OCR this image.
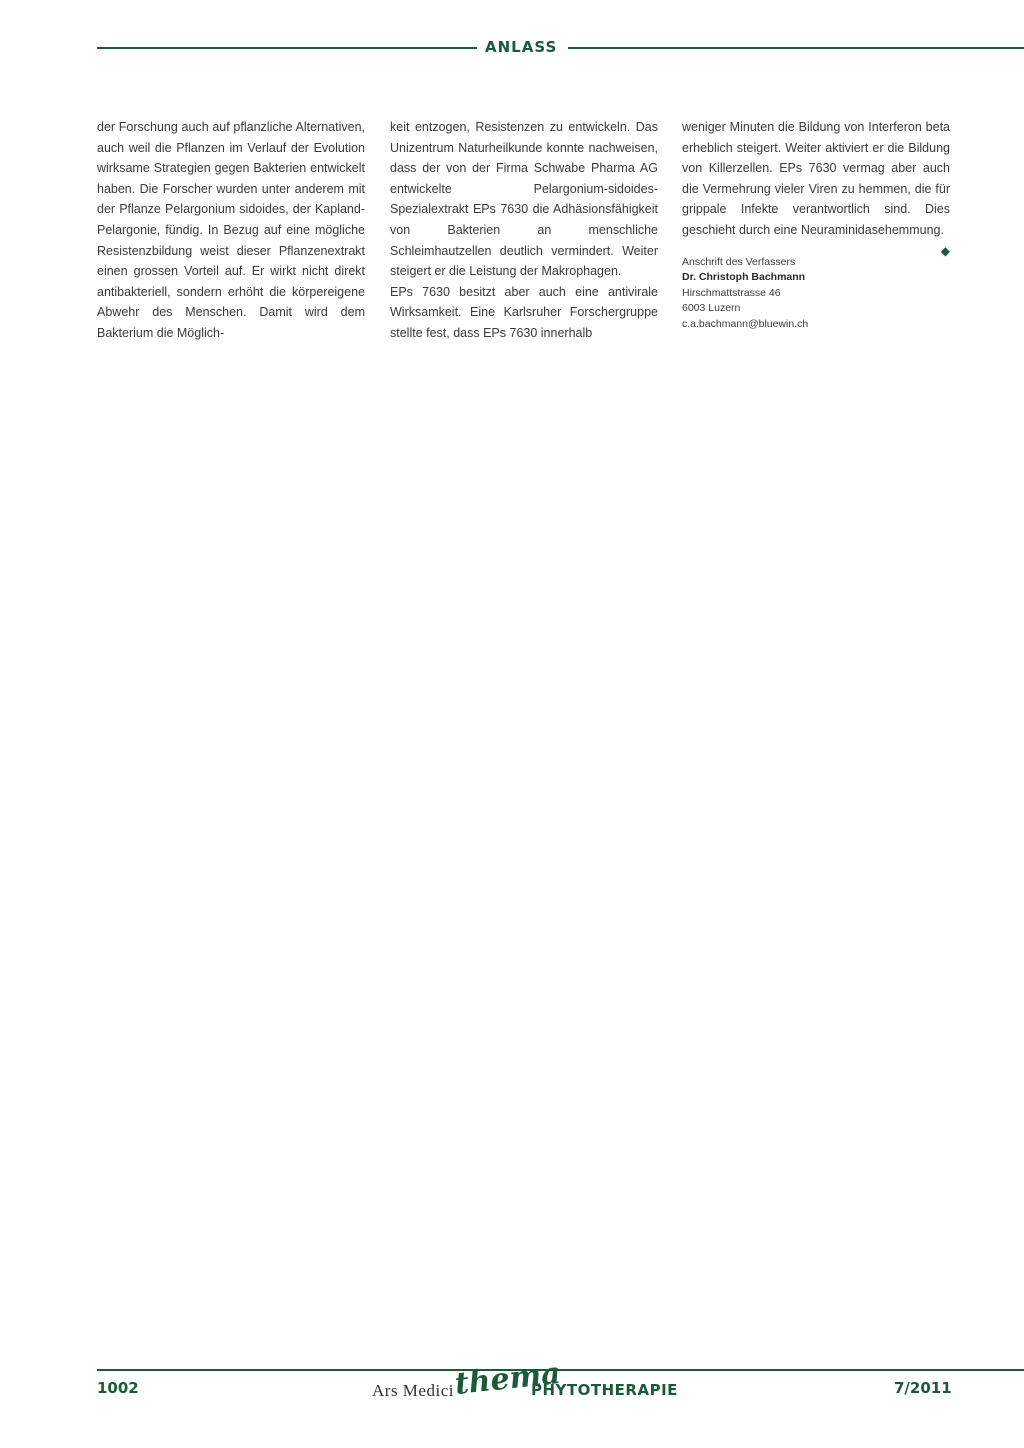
ANLASS

der Forschung auch auf pflanzliche Alternativen, auch weil die Pflanzen im Verlauf der Evolution wirksame Strategien gegen Bakterien entwickelt haben. Die Forscher wurden unter anderem mit der Pflanze Pelargonium sidoides, der Kapland-Pelargonie, fündig. In Bezug auf eine mögliche Resistenzbildung weist dieser Pflanzenextrakt einen grossen Vorteil auf. Er wirkt nicht direkt antibakteriell, sondern erhöht die körpereigene Abwehr des Menschen. Damit wird dem Bakterium die Möglich-

keit entzogen, Resistenzen zu entwickeln. Das Unizentrum Naturheilkunde konnte nachweisen, dass der von der Firma Schwabe Pharma AG entwickelte Pelargonium-sidoides-Spezialextrakt EPs 7630 die Adhäsionsfähigkeit von Bakterien an menschliche Schleimhautzellen deutlich vermindert. Weiter steigert er die Leistung der Makrophagen.

EPs 7630 besitzt aber auch eine antivirale Wirksamkeit. Eine Karlsruher Forschergruppe stellte fest, dass EPs 7630 innerhalb

weniger Minuten die Bildung von Interferon beta erheblich steigert. Weiter aktiviert er die Bildung von Killerzellen. EPs 7630 vermag aber auch die Vermehrung vieler Viren zu hemmen, die für grippale Infekte verantwortlich sind. Dies geschieht durch eine Neuraminidasehemmung.
◆

Anschrift des Verfassers
Dr. Christoph Bachmann
Hirschmattstrasse 46
6003 Luzern
c.a.bachmann@bluewin.ch
1002	Ars Medici thema
PHYTOTHERAPIE	7/2011
